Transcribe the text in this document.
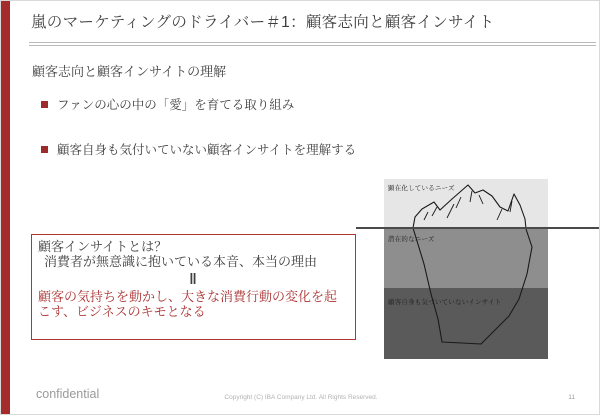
嵐のマーケティングのドライバー＃1：顧客志向と顧客インサイト
顧客志向と顧客インサイトの理解
ファンの心の中の「愛」を育てる取り組み
顧客自身も気付いていない顧客インサイトを理解する
顧客インサイトとは？
消費者が無意識に抱いている本音、本当の理由
‖
顧客の気持ちを動かし、大きな消費行動の変化を起こす、ビジネスのキモとなる
顕在化しているニーズ
潜在的なニーズ
顧客自身も気づいていないインサイト
confidential	Copyright (C) IBA Company Ltd. All Rights Reserved.	11
